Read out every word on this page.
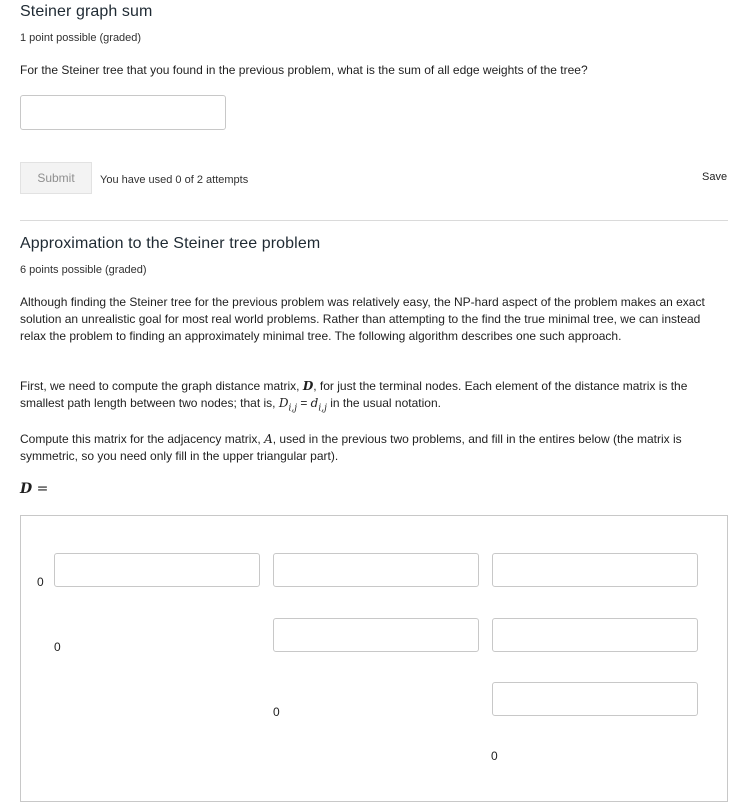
Steiner graph sum
1 point possible (graded)
For the Steiner tree that you found in the previous problem, what is the sum of all edge weights of the tree?
Submit	You have used 0 of 2 attempts	Save
Approximation to the Steiner tree problem
6 points possible (graded)
Although finding the Steiner tree for the previous problem was relatively easy, the NP-hard aspect of the problem makes an exact solution an unrealistic goal for most real world problems. Rather than attempting to the find the true minimal tree, we can instead relax the problem to finding an approximately minimal tree. The following algorithm describes one such approach.
First, we need to compute the graph distance matrix, D, for just the terminal nodes. Each element of the distance matrix is the smallest path length between two nodes; that is, $D_{i,j} = d_{i,j}$ in the usual notation.
Compute this matrix for the adjacency matrix, A, used in the previous two problems, and fill in the entires below (the matrix is symmetric, so you need only fill in the upper triangular part).
D =
0
0
0
0
